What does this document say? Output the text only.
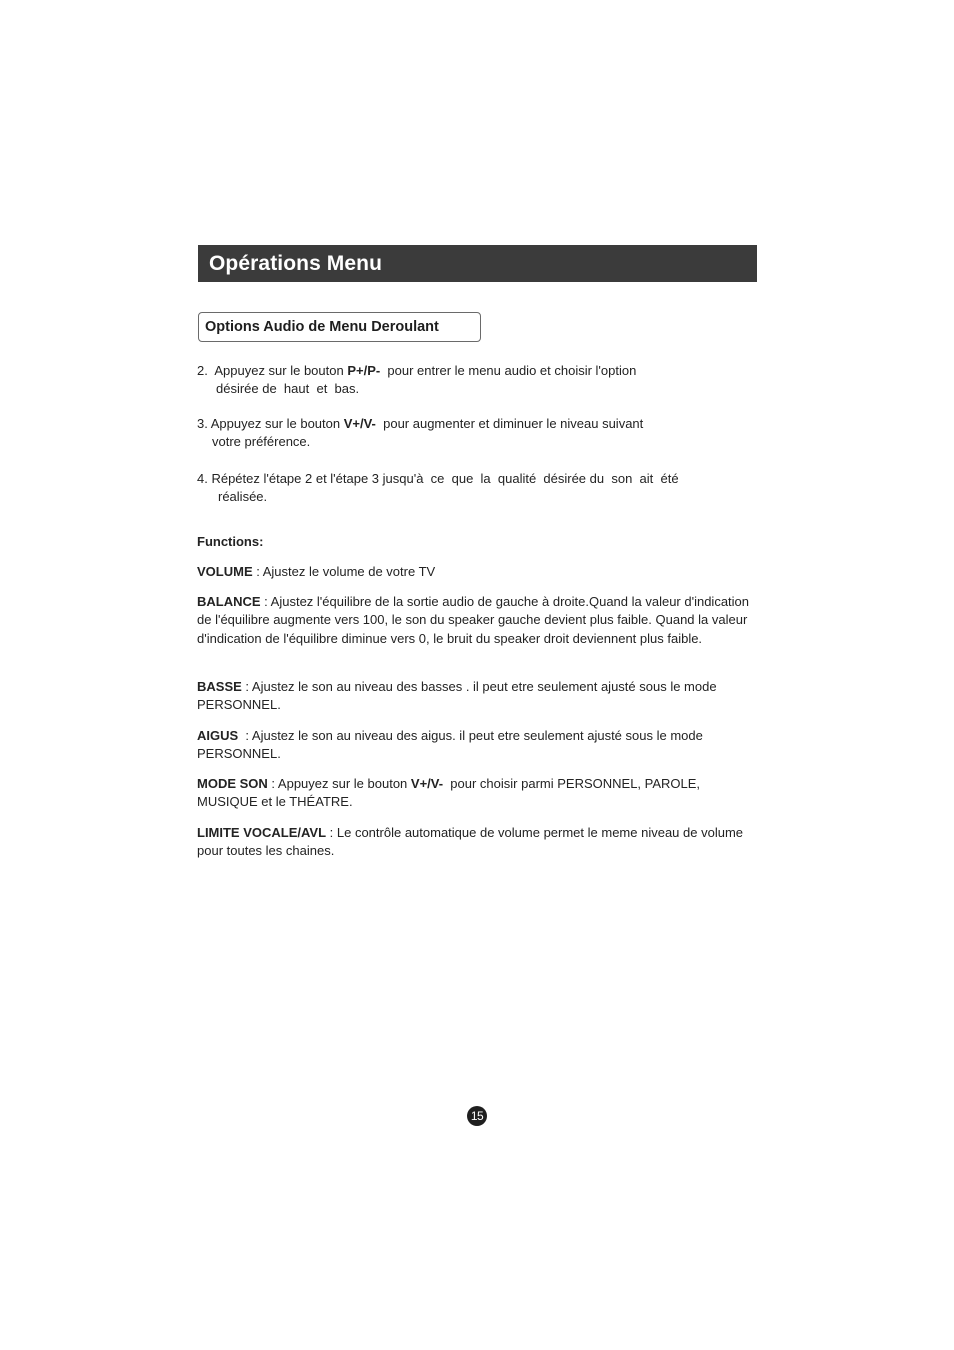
Opérations Menu
Options Audio de Menu Deroulant
2.  Appuyez sur le bouton P+/P-  pour entrer le menu audio et choisir l'option
désirée de  haut  et  bas.
3. Appuyez sur le bouton V+/V-  pour augmenter et diminuer le niveau suivant
votre préférence.
4. Répétez l'étape 2 et l'étape 3 jusqu'à  ce  que  la  qualité  désirée du  son  ait  été
réalisée.
Functions:
VOLUME : Ajustez le volume de votre TV
BALANCE : Ajustez l'équilibre de la sortie audio de gauche à droite.Quand la valeur d'indication de l'équilibre augmente vers 100, le son du speaker gauche devient plus faible. Quand la valeur d'indication de l'équilibre diminue vers 0, le bruit du speaker droit deviennent plus faible.
BASSE : Ajustez le son au niveau des basses . il peut etre seulement ajusté sous le mode PERSONNEL.
AIGUS  : Ajustez le son au niveau des aigus. il peut etre seulement ajusté sous le mode PERSONNEL.
MODE SON : Appuyez sur le bouton V+/V-  pour choisir parmi PERSONNEL, PAROLE, MUSIQUE et le THÉATRE.
LIMITE VOCALE/AVL : Le contrôle automatique de volume permet le meme niveau de volume pour toutes les chaines.
15
